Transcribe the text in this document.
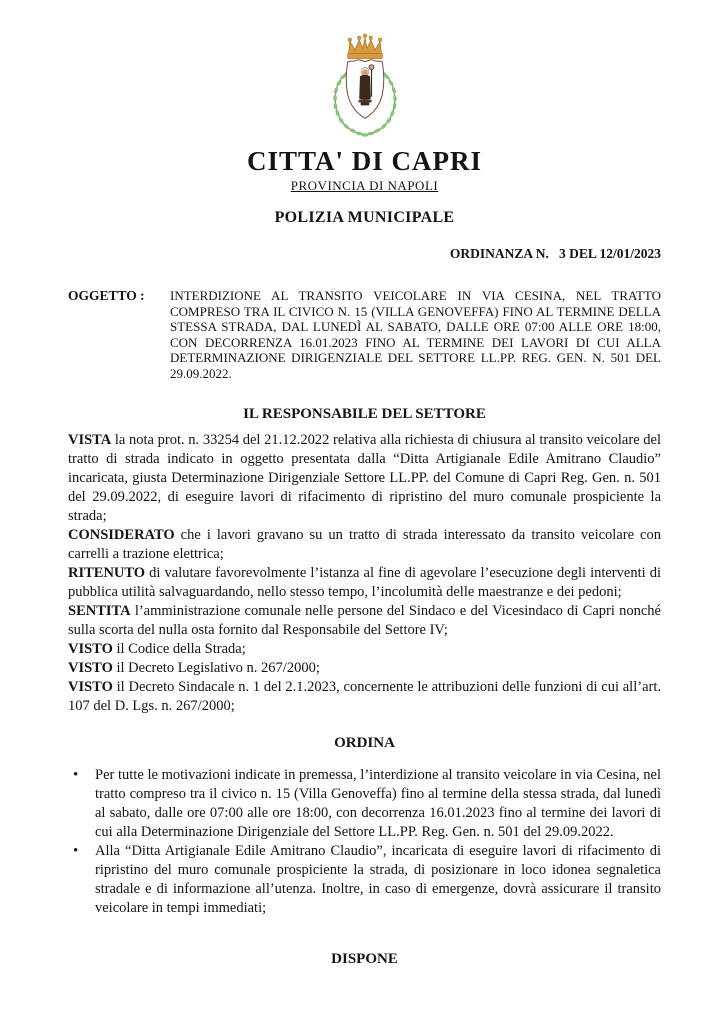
CITTA' DI CAPRI
PROVINCIA DI NAPOLI
POLIZIA MUNICIPALE
ORDINANZA N.   3 DEL 12/01/2023
OGGETTO :	INTERDIZIONE AL TRANSITO VEICOLARE IN VIA CESINA, NEL TRATTO COMPRESO TRA IL CIVICO N. 15 (VILLA GENOVEFFA) FINO AL TERMINE DELLA STESSA STRADA, DAL LUNEDÌ AL SABATO, DALLE ORE 07:00 ALLE ORE 18:00, CON DECORRENZA 16.01.2023 FINO AL TERMINE DEI LAVORI DI CUI ALLA DETERMINAZIONE DIRIGENZIALE DEL SETTORE LL.PP. REG. GEN. N. 501 DEL 29.09.2022.
IL RESPONSABILE DEL SETTORE

VISTA la nota prot. n. 33254 del 21.12.2022 relativa alla richiesta di chiusura al transito veicolare del tratto di strada indicato in oggetto presentata dalla “Ditta Artigianale Edile Amitrano Claudio” incaricata, giusta Determinazione Dirigenziale Settore LL.PP. del Comune di Capri Reg. Gen. n. 501 del 29.09.2022, di eseguire lavori di rifacimento di ripristino del muro comunale prospiciente la strada;

CONSIDERATO che i lavori gravano su un tratto di strada interessato da transito veicolare con carrelli a trazione elettrica;

RITENUTO di valutare favorevolmente l’istanza al fine di agevolare l’esecuzione degli interventi di pubblica utilità salvaguardando, nello stesso tempo, l’incolumità delle maestranze e dei pedoni;

SENTITA l’amministrazione comunale nelle persone del Sindaco e del Vicesindaco di Capri nonché sulla scorta del nulla osta fornito dal Responsabile del Settore IV;

VISTO il Codice della Strada;

VISTO il Decreto Legislativo n. 267/2000;

VISTO il Decreto Sindacale n. 1 del 2.1.2023, concernente le attribuzioni delle funzioni di cui all’art. 107 del D. Lgs. n. 267/2000;

ORDINA
• Per tutte le motivazioni indicate in premessa, l’interdizione al transito veicolare in via Cesina, nel tratto compreso tra il civico n. 15 (Villa Genoveffa) fino al termine della stessa strada, dal lunedì al sabato, dalle ore 07:00 alle ore 18:00, con decorrenza 16.01.2023 fino al termine dei lavori di cui alla Determinazione Dirigenziale del Settore LL.PP. Reg. Gen. n. 501 del 29.09.2022.
• Alla “Ditta Artigianale Edile Amitrano Claudio”, incaricata di eseguire lavori di rifacimento di ripristino del muro comunale prospiciente la strada, di posizionare in loco idonea segnaletica stradale e di informazione all’utenza. Inoltre, in caso di emergenze, dovrà assicurare il transito veicolare in tempi immediati;
DISPONE
